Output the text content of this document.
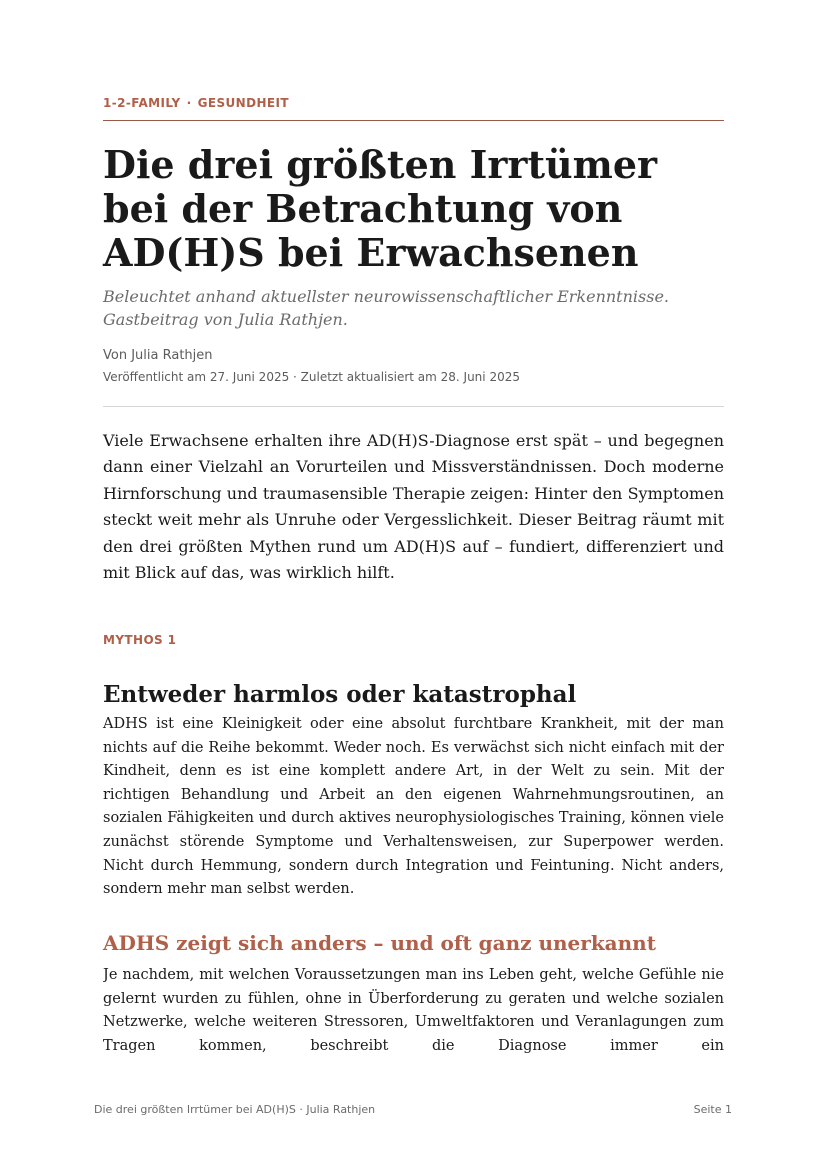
1-2-FAMILY · GESUNDHEIT
Die drei größten Irrtümer bei der Betrachtung von AD(H)S bei Erwachsenen

Beleuchtet anhand aktuellster neurowissenschaftlicher Erkenntnisse. Gastbeitrag von Julia Rathjen.

Von Julia Rathjen
Veröffentlicht am 27. Juni 2025 · Zuletzt aktualisiert am 28. Juni 2025

Viele Erwachsene erhalten ihre AD(H)S-Diagnose erst spät – und begegnen dann einer Vielzahl an Vorurteilen und Missverständnissen. Doch moderne Hirnforschung und traumasensible Therapie zeigen: Hinter den Symptomen steckt weit mehr als Unruhe oder Vergesslichkeit. Dieser Beitrag räumt mit den drei größten Mythen rund um AD(H)S auf – fundiert, differenziert und mit Blick auf das, was wirklich hilft.

MYTHOS 1
Entweder harmlos oder katastrophal

ADHS ist eine Kleinigkeit oder eine absolut furchtbare Krankheit, mit der man nichts auf die Reihe bekommt. Weder noch. Es verwächst sich nicht einfach mit der Kindheit, denn es ist eine komplett andere Art, in der Welt zu sein. Mit der richtigen Behandlung und Arbeit an den eigenen Wahrnehmungsroutinen, an sozialen Fähigkeiten und durch aktives neurophysiologisches Training, können viele zunächst störende Symptome und Verhaltensweisen, zur Superpower werden. Nicht durch Hemmung, sondern durch Integration und Feintuning. Nicht anders, sondern mehr man selbst werden.

ADHS zeigt sich anders – und oft ganz unerkannt

Je nachdem, mit welchen Voraussetzungen man ins Leben geht, welche Gefühle nie gelernt wurden zu fühlen, ohne in Überforderung zu geraten und welche sozialen Netzwerke, welche weiteren Stressoren, Umweltfaktoren und Veranlagungen zum Tragen kommen, beschreibt die Diagnose immer ein

Die drei größten Irrtümer bei AD(H)S · Julia Rathjen	Seite 1
